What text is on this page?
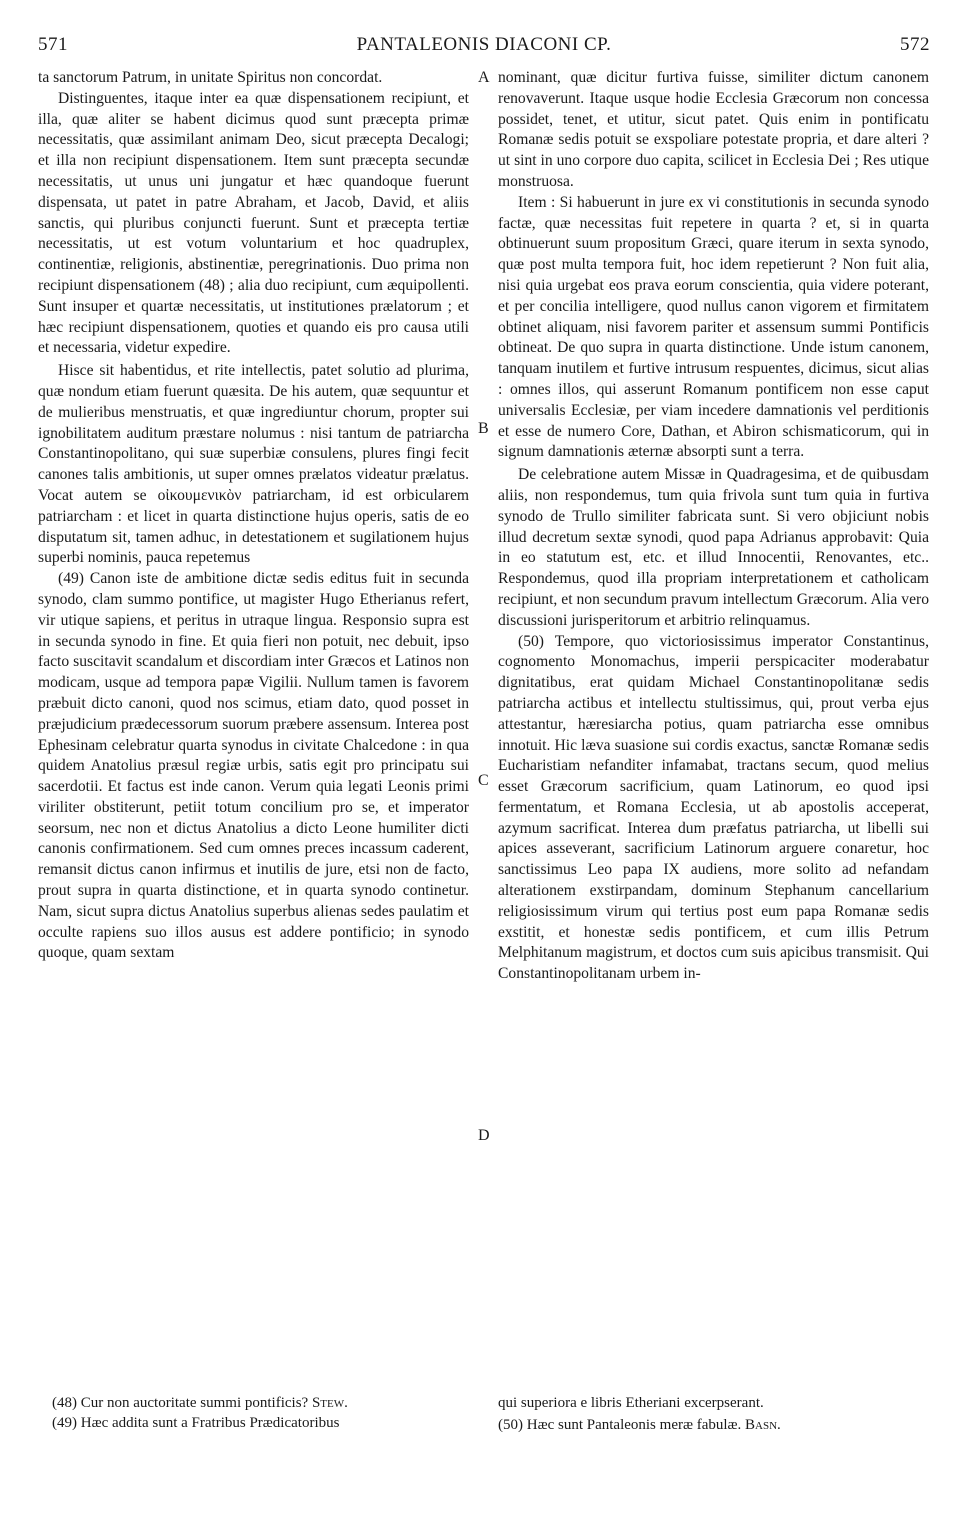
571	PANTALEONIS DIACONI CP.	572

ta sanctorum Patrum, in unitate Spiritus non concordat.

Distinguentes, itaque inter ea quæ dispensationem recipiunt, et illa, quæ aliter se habent dicimus quod sunt præcepta primæ necessitatis, quæ assimilant animam Deo, sicut præcepta Decalogi; et illa non recipiunt dispensationem. Item sunt præcepta secundæ necessitatis, ut unus uni jungatur et hæc quandoque fuerunt dispensata, ut patet in patre Abraham, et Jacob, David, et aliis sanctis, qui pluribus conjuncti fuerunt. Sunt et præcepta tertiæ necessitatis, ut est votum voluntarium et hoc quadruplex, continentiæ, religionis, abstinentiæ, peregrinationis. Duo prima non recipiunt dispensationem (48) ; alia duo recipiunt, cum æquipollenti. Sunt insuper et quartæ necessitatis, ut institutiones prælatorum ; et hæc recipiunt dispensationem, quoties et quando eis pro causa utili et necessaria, videtur expedire.

Hisce sit habentidus, et rite intellectis, patet solutio ad plurima, quæ nondum etiam fuerunt quæsita. De his autem, quæ sequuntur et de mulieribus menstruatis, et quæ ingrediuntur chorum, propter sui ignobilitatem auditum præstare nolumus : nisi tantum de patriarcha Constantinopolitano, qui suæ superbiæ consulens, plures fingi fecit canones talis ambitionis, ut super omnes prælatos videatur prælatus. Vocat autem se οἰκουμενικὸν patriarcham, id est orbicularem patriarcham : et licet in quarta distinctione hujus operis, satis de eo disputatum sit, tamen adhuc, in detestationem et sugilationem hujus superbi nominis, pauca repetemus

(49) Canon iste de ambitione dictæ sedis editus fuit in secunda synodo, clam summo pontifice, ut magister Hugo Etherianus refert, vir utique sapiens, et peritus in utraque lingua. Responsio supra est in secunda synodo in fine. Et quia fieri non potuit, nec debuit, ipso facto suscitavit scandalum et discordiam inter Græcos et Latinos non modicam, usque ad tempora papæ Vigilii. Nullum tamen is favorem præbuit dicto canoni, quod nos scimus, etiam dato, quod posset in præjudicium prædecessorum suorum præbere assensum. Interea post Ephesinam celebratur quarta synodus in civitate Chalcedone : in qua quidem Anatolius præsul regiæ urbis, satis egit pro principatu sui sacerdotii. Et factus est inde canon. Verum quia legati Leonis primi viriliter obstiterunt, petiit totum concilium pro se, et imperator seorsum, nec non et dictus Anatolius a dicto Leone humiliter dicti canonis confirmationem. Sed cum omnes preces incassum caderent, remansit dictus canon infirmus et inutilis de jure, etsi non de facto, prout supra in quarta distinctione, et in quarta synodo continetur. Nam, sicut supra dictus Anatolius superbus alienas sedes paulatim et occulte rapiens suo illos ausus est addere pontificio; in synodo quoque, quam sextam

nominant, quæ dicitur furtiva fuisse, similiter dictum canonem renovaverunt. Itaque usque hodie Ecclesia Græcorum non concessa possidet, tenet, et utitur, sicut patet. Quis enim in pontificatu Romanæ sedis potuit se exspoliare potestate propria, et dare alteri ? ut sint in uno corpore duo capita, scilicet in Ecclesia Dei ; Res utique monstruosa.

Item : Si habuerunt in jure ex vi constitutionis in secunda synodo factæ, quæ necessitas fuit repetere in quarta ? et, si in quarta obtinuerunt suum propositum Græci, quare iterum in sexta synodo, quæ post multa tempora fuit, hoc idem repetierunt ? Non fuit alia, nisi quia urgebat eos prava eorum conscientia, quia videre poterant, et per concilia intelligere, quod nullus canon vigorem et firmitatem obtinet aliquam, nisi favorem pariter et assensum summi Pontificis obtineat. De quo supra in quarta distinctione. Unde istum canonem, tanquam inutilem et furtive intrusum respuentes, dicimus, sicut alias : omnes illos, qui asserunt Romanum pontificem non esse caput universalis Ecclesiæ, per viam incedere damnationis vel perditionis et esse de numero Core, Dathan, et Abiron schismaticorum, qui in signum damnationis æternæ absorpti sunt a terra.

De celebratione autem Missæ in Quadragesima, et de quibusdam aliis, non respondemus, tum quia frivola sunt tum quia in furtiva synodo de Trullo similiter fabricata sunt. Si vero objiciunt nobis illud decretum sextæ synodi, quod papa Adrianus approbavit: Quia in eo statutum est, etc. et illud Innocentii, Renovantes, etc.. Respondemus, quod illa propriam interpretationem et catholicam recipiunt, et non secundum pravum intellectum Græcorum. Alia vero discussioni jurisperitorum et arbitrio relinquamus.

(50) Tempore, quo victoriosissimus imperator Constantinus, cognomento Monomachus, imperii perspicaciter moderabatur dignitatibus, erat quidam Michael Constantinopolitanæ sedis patriarcha actibus et intellectu stultissimus, qui, prout verba ejus attestantur, hæresiarcha potius, quam patriarcha esse omnibus innotuit. Hic læva suasione sui cordis exactus, sanctæ Romanæ sedis Eucharistiam nefanditer infamabat, tractans secum, quod melius esset Græcorum sacrificium, quam Latinorum, eo quod ipsi fermentatum, et Romana Ecclesia, ut ab apostolis acceperat, azymum sacrificat. Interea dum præfatus patriarcha, ut libelli sui apices asseverant, sacrificium Latinorum arguere conaretur, hoc sanctissimus Leo papa IX audiens, more solito ad nefandam alterationem exstirpandam, dominum Stephanum cancellarium religiosissimum virum qui tertius post eum papa Romanæ sedis exstitit, et honestæ sedis pontificem, et cum illis Petrum Melphitanum magistrum, et doctos cum suis apicibus transmisit. Qui Constantinopolitanam urbem in-

A
B
C
D

(48) Cur non auctoritate summi pontificis? Stew.

(49) Hæc addita sunt a Fratribus Prædicatoribus

qui superiora e libris Etheriani excerpserant.

(50) Hæc sunt Pantaleonis meræ fabulæ. Basn.
